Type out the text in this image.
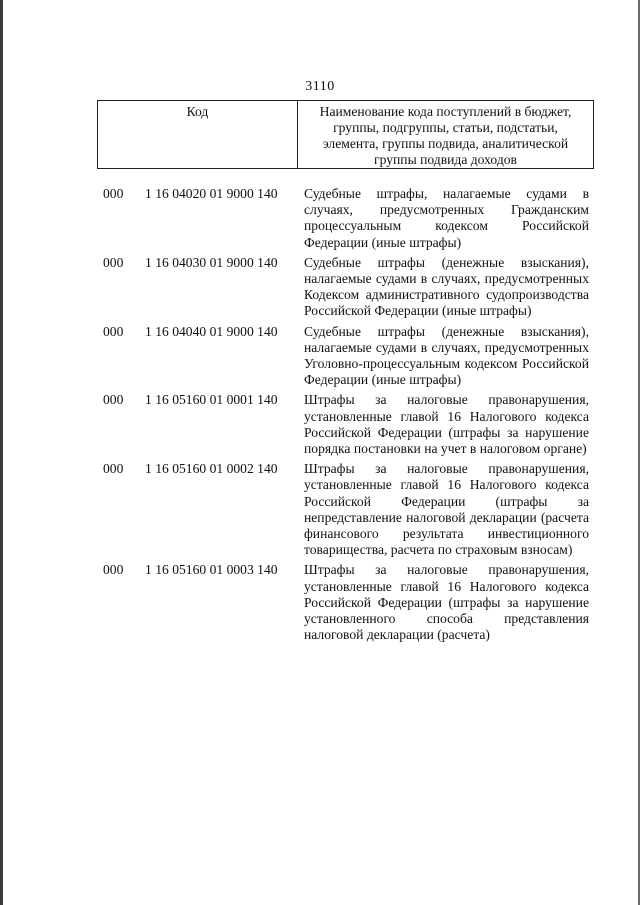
3110
Код	Наименование кода поступлений в бюджет, группы, подгруппы, статьи, подстатьи, элемента, группы подвида, аналитической группы подвида доходов
000 1 16 04020 01 9000 140 Судебные штрафы, налагаемые судами в случаях, предусмотренных Гражданским процессуальным кодексом Российской Федерации (иные штрафы)
000 1 16 04030 01 9000 140 Судебные штрафы (денежные взыскания), налагаемые судами в случаях, предусмотренных Кодексом административного судопроизводства Российской Федерации (иные штрафы)
000 1 16 04040 01 9000 140 Судебные штрафы (денежные взыскания), налагаемые судами в случаях, предусмотренных Уголовно-процессуальным кодексом Российской Федерации (иные штрафы)
000 1 16 05160 01 0001 140 Штрафы за налоговые правонарушения, установленные главой 16 Налогового кодекса Российской Федерации (штрафы за нарушение порядка постановки на учет в налоговом органе)
000 1 16 05160 01 0002 140 Штрафы за налоговые правонарушения, установленные главой 16 Налогового кодекса Российской Федерации (штрафы за непредставление налоговой декларации (расчета финансового результата инвестиционного товарищества, расчета по страховым взносам)
000 1 16 05160 01 0003 140 Штрафы за налоговые правонарушения, установленные главой 16 Налогового кодекса Российской Федерации (штрафы за нарушение установленного способа представления налоговой декларации (расчета)
